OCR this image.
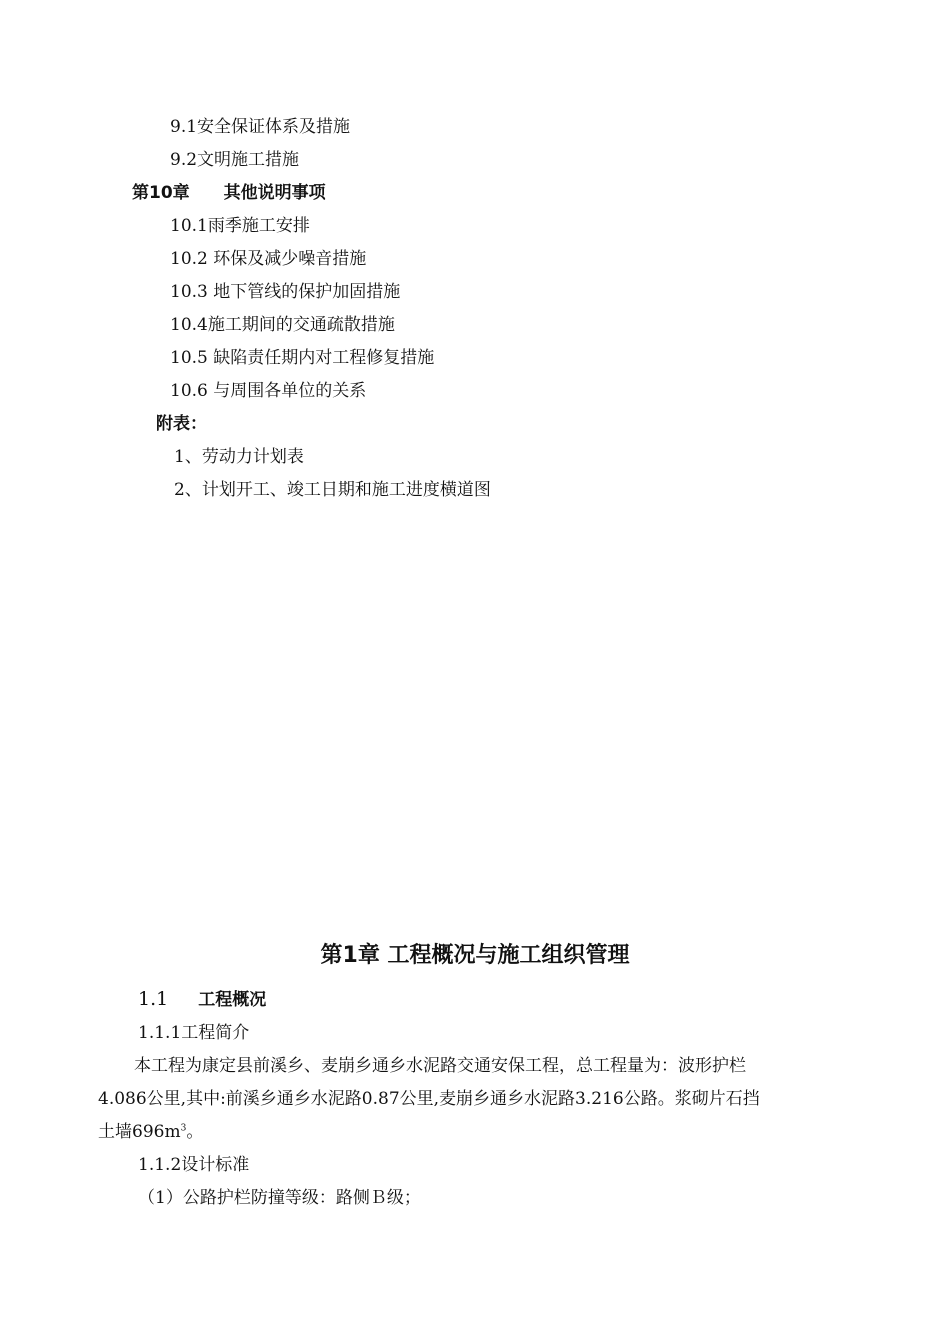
9.1安全保证体系及措施
9.2文明施工措施
第10章 其他说明事项
10.1雨季施工安排
10.2 环保及减少噪音措施
10.3 地下管线的保护加固措施
10.4施工期间的交通疏散措施
10.5 缺陷责任期内对工程修复措施
10.6 与周围各单位的关系
附表：
1、劳动力计划表
2、计划开工、竣工日期和施工进度横道图
第1章 工程概况与施工组织管理
1.1 工程概况
1.1.1工程简介
本工程为康定县前溪乡、麦崩乡通乡水泥路交通安保工程，总工程量为：波形护栏
4.086公里,其中:前溪乡通乡水泥路0.87公里,麦崩乡通乡水泥路3.216公路。浆砌片石挡
土墙$696m^3$。
1.1.2设计标准
（1）公路护栏防撞等级：路侧Ｂ级；
